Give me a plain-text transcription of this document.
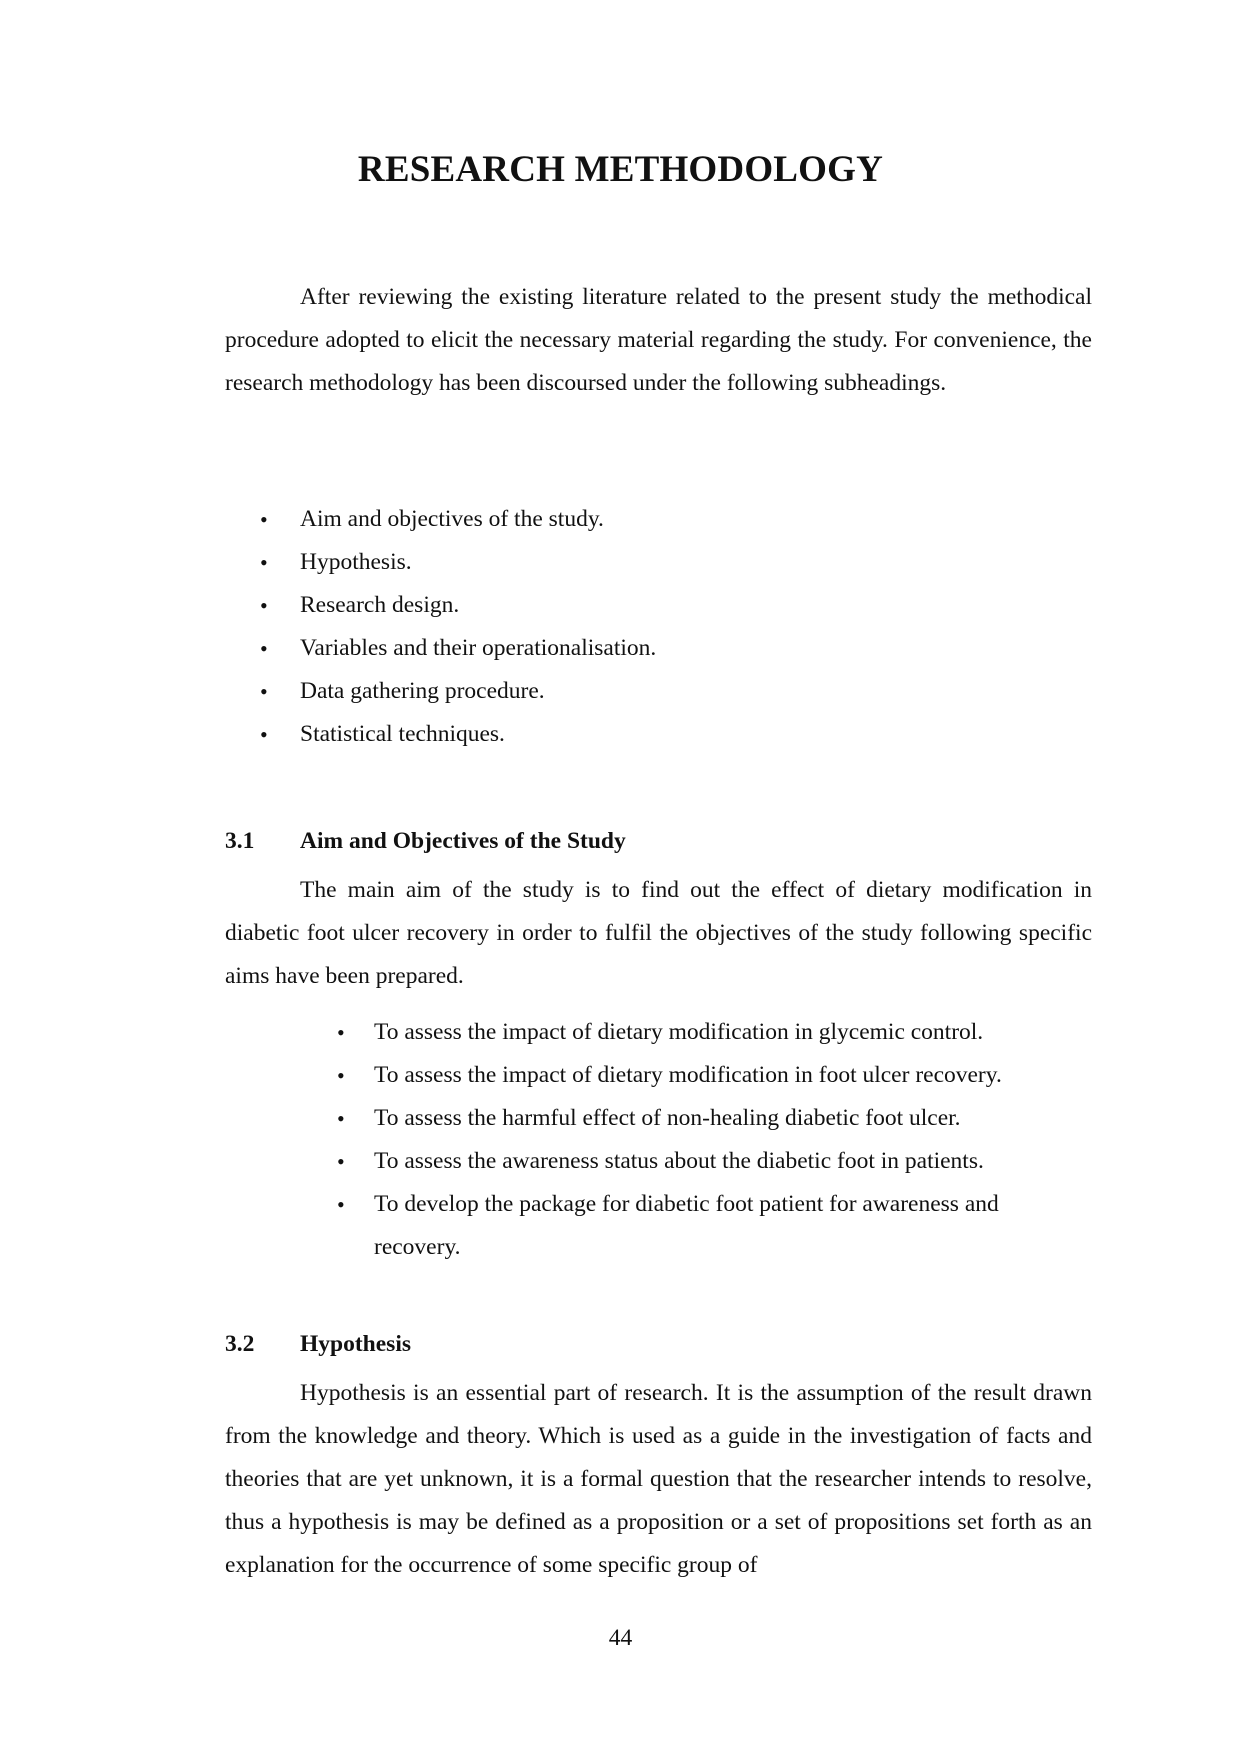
RESEARCH METHODOLOGY

After reviewing the existing literature related to the present study the methodical procedure adopted to elicit the necessary material regarding the study. For convenience, the research methodology has been discoursed under the following subheadings.

• Aim and objectives of the study.
• Hypothesis.
• Research design.
• Variables and their operationalisation.
• Data gathering procedure.
• Statistical techniques.
3.1 Aim and Objectives of the Study

The main aim of the study is to find out the effect of dietary modification in diabetic foot ulcer recovery in order to fulfil the objectives of the study following specific aims have been prepared.

• To assess the impact of dietary modification in glycemic control.
• To assess the impact of dietary modification in foot ulcer recovery.
• To assess the harmful effect of non-healing diabetic foot ulcer.
• To assess the awareness status about the diabetic foot in patients.
• To develop the package for diabetic foot patient for awareness and recovery.
3.2 Hypothesis

Hypothesis is an essential part of research. It is the assumption of the result drawn from the knowledge and theory. Which is used as a guide in the investigation of facts and theories that are yet unknown, it is a formal question that the researcher intends to resolve, thus a hypothesis is may be defined as a proposition or a set of propositions set forth as an explanation for the occurrence of some specific group of

44
